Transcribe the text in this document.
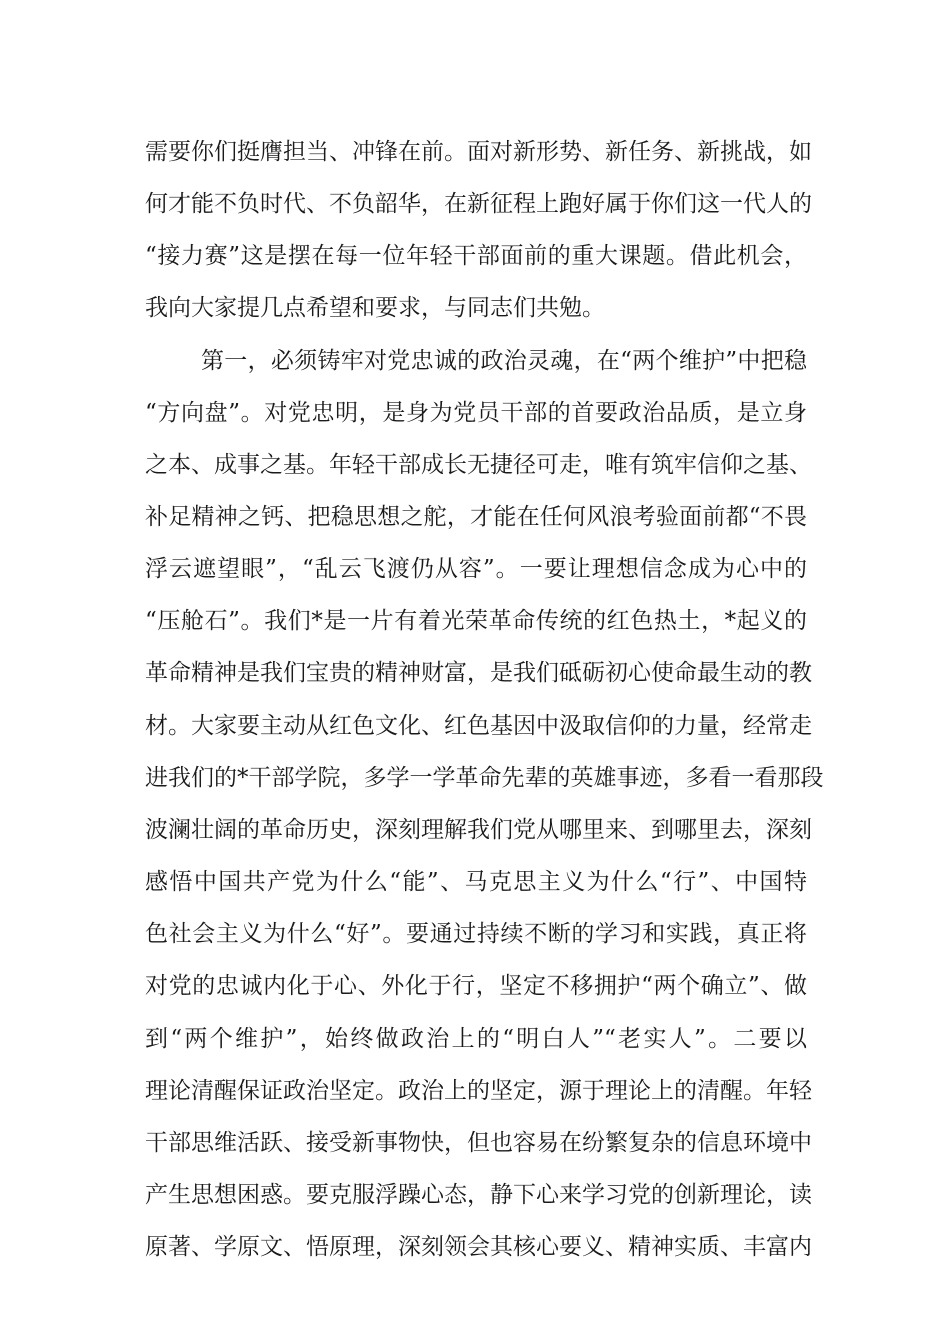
需要你们挺膺担当、冲锋在前。面对新形势、新任务、新挑战，如
何才能不负时代、不负韶华，在新征程上跑好属于你们这一代人的
“接力赛”这是摆在每一位年轻干部面前的重大课题。借此机会，
我向大家提几点希望和要求，与同志们共勉。
第一，必须铸牢对党忠诚的政治灵魂，在“两个维护”中把稳
“方向盘”。对党忠明，是身为党员干部的首要政治品质，是立身
之本、成事之基。年轻干部成长无捷径可走，唯有筑牢信仰之基、
补足精神之钙、把稳思想之舵，才能在任何风浪考验面前都“不畏
浮云遮望眼”，“乱云飞渡仍从容”。一要让理想信念成为心中的
“压舱石”。我们*是一片有着光荣革命传统的红色热土，*起义的
革命精神是我们宝贵的精神财富，是我们砥砺初心使命最生动的教
材。大家要主动从红色文化、红色基因中汲取信仰的力量，经常走
进我们的*干部学院，多学一学革命先辈的英雄事迹，多看一看那段
波澜壮阔的革命历史，深刻理解我们党从哪里来、到哪里去，深刻
感悟中国共产党为什么“能”、马克思主义为什么“行”、中国特
色社会主义为什么“好”。要通过持续不断的学习和实践，真正将
对党的忠诚内化于心、外化于行，坚定不移拥护“两个确立”、做
到“两个维护”，始终做政治上的“明白人”“老实人”。二要以
理论清醒保证政治坚定。政治上的坚定，源于理论上的清醒。年轻
干部思维活跃、接受新事物快，但也容易在纷繁复杂的信息环境中
产生思想困惑。要克服浮躁心态，静下心来学习党的创新理论，读
原著、学原文、悟原理，深刻领会其核心要义、精神实质、丰富内
